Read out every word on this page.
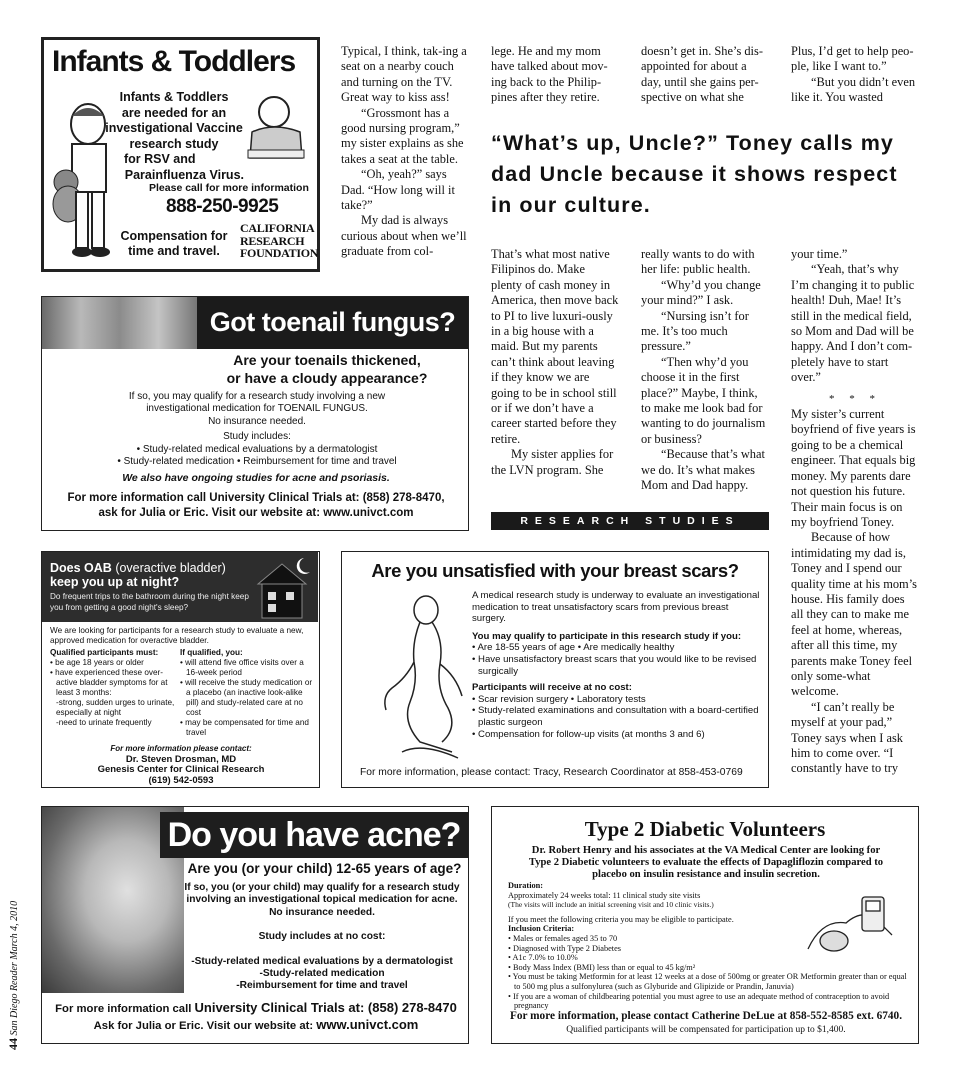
Infants & Toddlers
Infants & Toddlers
are needed for an
investigational Vaccine
research study
for RSV and
Parainfluenza Virus.
Please call for more information
888-250-9925
Compensation for
time and travel.
CALIFORNIA
RESEARCH
FOUNDATION
Got toenail fungus?
Are your toenails thickened,
or have a cloudy appearance?
If so, you may qualify for a research study involving a new investigational medication for TOENAIL FUNGUS.
No insurance needed.
Study includes:
• Study-related medical evaluations by a dermatologist
• Study-related medication • Reimbursement for time and travel
We also have ongoing studies for acne and psoriasis.
For more information call University Clinical Trials at: (858) 278-8470,
ask for Julia or Eric. Visit our website at: www.univct.com
Does OAB (overactive bladder)
keep you up at night?
Do frequent trips to the bathroom during the night keep you from getting a good night's sleep?
We are looking for participants for a research study to evaluate a new, approved medication for overactive bladder.
Qualified participants must:
• be age 18 years or older
• have experienced these over-active bladder symptoms for at least 3 months:
-strong, sudden urges to urinate, especially at night
-need to urinate frequently
If qualified, you:
• will attend five office visits over a 16-week period
• will receive the study medication or a placebo (an inactive look-alike pill) and study-related care at no cost
• may be compensated for time and travel
For more information please contact:
Dr. Steven Drosman, MD
Genesis Center for Clinical Research
(619) 542-0593
Are you unsatisfied with your breast scars?
A medical research study is underway to evaluate an investigational medication to treat unsatisfactory scars from previous breast surgery.
You may qualify to participate in this research study if you:
• Are 18-55 years of age • Are medically healthy
• Have unsatisfactory breast scars that you would like to be revised surgically
Participants will receive at no cost:
• Scar revision surgery • Laboratory tests
• Study-related examinations and consultation with a board-certified plastic surgeon
• Compensation for follow-up visits (at months 3 and 6)
For more information, please contact: Tracy, Research Coordinator at 858-453-0769
Do you have acne?
Are you (or your child) 12-65 years of age?
If so, you (or your child) may qualify for a research study involving an investigational topical medication for acne.
No insurance needed.
Study includes at no cost:
-Study-related medical evaluations by a dermatologist
-Study-related medication
-Reimbursement for time and travel
For more information call University Clinical Trials at: (858) 278-8470
Ask for Julia or Eric. Visit our website at: www.univct.com
Type 2 Diabetic Volunteers
Dr. Robert Henry and his associates at the VA Medical Center are looking for Type 2 Diabetic volunteers to evaluate the effects of Dapagliflozin compared to placebo on insulin resistance and insulin secretion.
Duration:
Approximately 24 weeks total: 11 clinical study site visits
(The visits will include an initial screening visit and 10 clinic visits.)
If you meet the following criteria you may be eligible to participate.
Inclusion Criteria:
• Males or females aged 35 to 70
• Diagnosed with Type 2 Diabetes
• A1c 7.0% to 10.0%
• Body Mass Index (BMI) less than or equal to 45 kg/m²
• You must be taking Metformin for at least 12 weeks at a dose of 500mg or greater OR Metformin greater than or equal to 500 mg plus a sulfonylurea (such as Glyburide and Glipizide or Prandin, Januvia)
• If you are a woman of childbearing potential you must agree to use an adequate method of contraception to avoid pregnancy
For more information, please contact Catherine DeLue at 858-552-8585 ext. 6740.
Qualified participants will be compensated for participation up to $1,400.

Typical, I think, tak-ing a seat on a nearby couch and turning on the TV. Great way to kiss ass!

“Grossmont has a good nursing program,” my sister explains as she takes a seat at the table.

“Oh, yeah?” says Dad. “How long will it take?”

My dad is always curious about when we’ll graduate from col-

lege. He and my mom have talked about mov-ing back to the Philip-pines after they retire.

doesn’t get in. She’s dis-appointed for about a day, until she gains per-spective on what she

Plus, I’d get to help peo-ple, like I want to.”

“But you didn’t even like it. You wasted

“What’s up, Uncle?” Toney calls my dad Uncle because it shows respect in our culture.

That’s what most native Filipinos do. Make plenty of cash money in America, then move back to PI to live luxuri-ously in a big house with a maid. But my parents can’t think about leaving if they know we are going to be in school still or if we don’t have a career started before they retire.

My sister applies for the LVN program. She

really wants to do with her life: public health.

“Why’d you change your mind?” I ask.

“Nursing isn’t for me. It’s too much pressure.”

“Then why’d you choose it in the first place?” Maybe, I think, to make me look bad for wanting to do journalism or business?

“Because that’s what we do. It’s what makes Mom and Dad happy.

your time.”

“Yeah, that’s why I’m changing it to public health! Duh, Mae! It’s still in the medical field, so Mom and Dad will be happy. And I don’t com-pletely have to start over.”

* * *

My sister’s current boyfriend of five years is going to be a chemical engineer. That equals big money. My parents dare not question his future. Their main focus is on my boyfriend Toney.

Because of how intimidating my dad is, Toney and I spend our quality time at his mom’s house. His family does all they can to make me feel at home, whereas, after all this time, my parents make Toney feel only some-what welcome.

“I can’t really be myself at your pad,” Toney says when I ask him to come over. “I constantly have to try

RESEARCH STUDIES
44 San Diego Reader March 4, 2010
